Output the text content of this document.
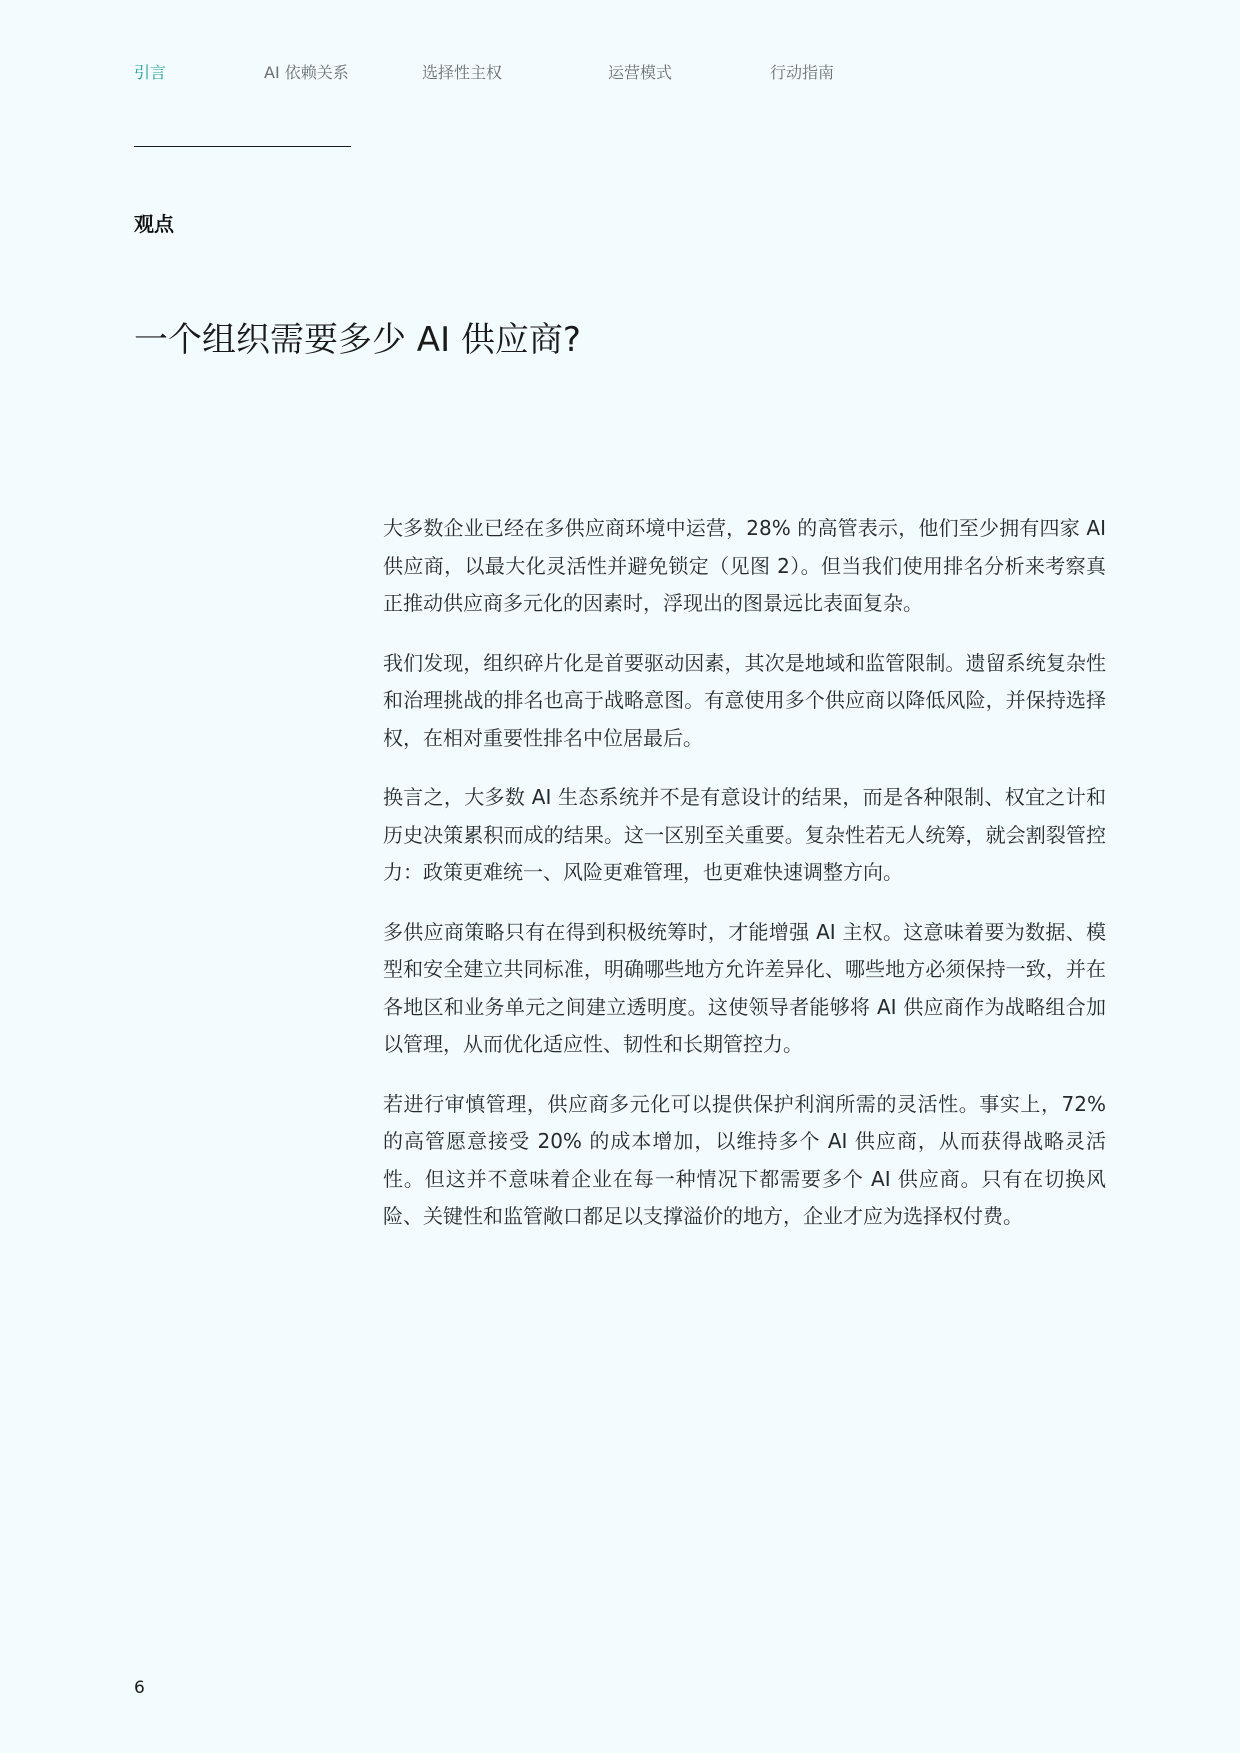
引言	AI 依赖关系	选择性主权	运营模式	行动指南
观点
一个组织需要多少 AI 供应商?

大多数企业已经在多供应商环境中运营，28% 的高管表示，他们至少拥有四家 AI 供应商，以最大化灵活性并避免锁定（见图 2）。但当我们使用排名分析来考察真正推动供应商多元化的因素时，浮现出的图景远比表面复杂。

我们发现，组织碎片化是首要驱动因素，其次是地域和监管限制。遗留系统复杂性和治理挑战的排名也高于战略意图。有意使用多个供应商以降低风险，并保持选择权，在相对重要性排名中位居最后。

换言之，大多数 AI 生态系统并不是有意设计的结果，而是各种限制、权宜之计和历史决策累积而成的结果。这一区别至关重要。复杂性若无人统筹，就会割裂管控力：政策更难统一、风险更难管理，也更难快速调整方向。

多供应商策略只有在得到积极统筹时，才能增强 AI 主权。这意味着要为数据、模型和安全建立共同标准，明确哪些地方允许差异化、哪些地方必须保持一致，并在各地区和业务单元之间建立透明度。这使领导者能够将 AI 供应商作为战略组合加以管理，从而优化适应性、韧性和长期管控力。

若进行审慎管理，供应商多元化可以提供保护利润所需的灵活性。事实上，72% 的高管愿意接受 20% 的成本增加，以维持多个 AI 供应商，从而获得战略灵活性。但这并不意味着企业在每一种情况下都需要多个 AI 供应商。只有在切换风险、关键性和监管敞口都足以支撑溢价的地方，企业才应为选择权付费。

6
